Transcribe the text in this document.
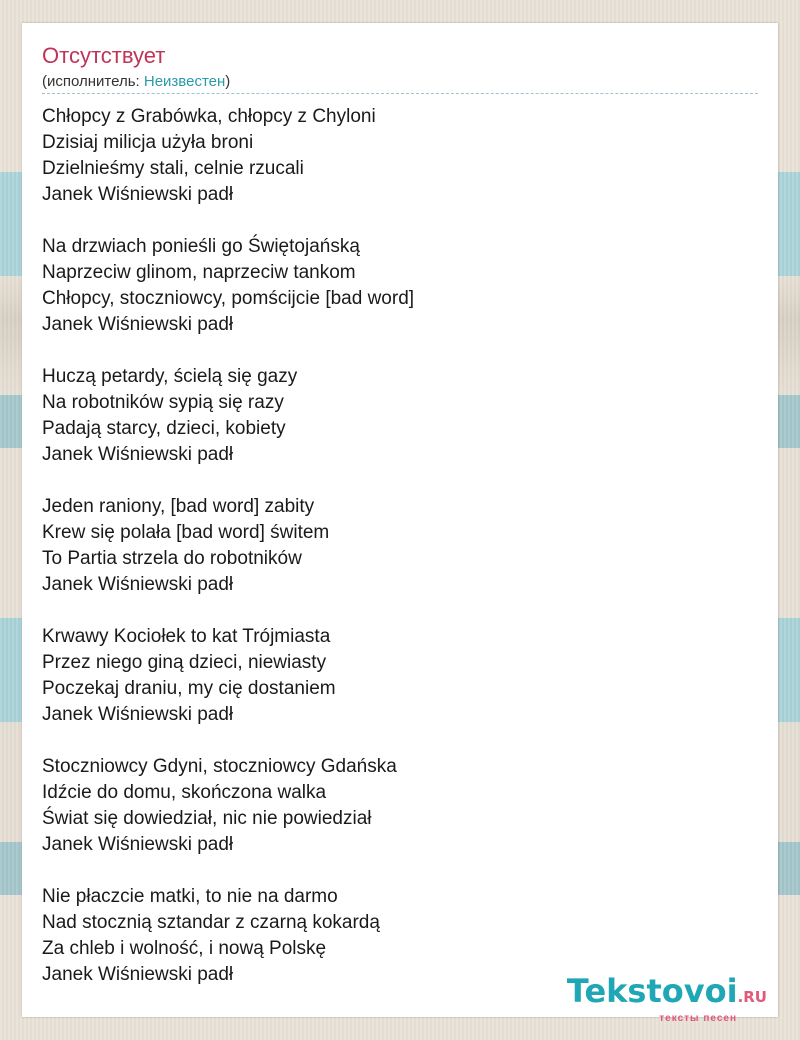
Отсутствует
(исполнитель: Неизвестен)
Chłopcy z Grabówka, chłopcy z Chyloni
Dzisiaj milicja użyła broni
Dzielnieśmy stali, celnie rzucali
Janek Wiśniewski padł
Na drzwiach ponieśli go Świętojańską
Naprzeciw glinom, naprzeciw tankom
Chłopcy, stoczniowcy, pomścijcie [bad word]
Janek Wiśniewski padł
Huczą petardy, ścielą się gazy
Na robotników sypią się razy
Padają starcy, dzieci, kobiety
Janek Wiśniewski padł
Jeden raniony, [bad word] zabity
Krew się polała [bad word] świtem
To Partia strzela do robotników
Janek Wiśniewski padł
Krwawy Kociołek to kat Trójmiasta
Przez niego giną dzieci, niewiasty
Poczekaj draniu, my cię dostaniem
Janek Wiśniewski padł
Stoczniowcy Gdyni, stoczniowcy Gdańska
Idźcie do domu, skończona walka
Świat się dowiedział, nic nie powiedział
Janek Wiśniewski padł
Nie płaczcie matki, to nie na darmo
Nad stocznią sztandar z czarną kokardą
Za chleb i wolność, i nową Polskę
Janek Wiśniewski padł	Tekstovoi.RU
тексты песен
